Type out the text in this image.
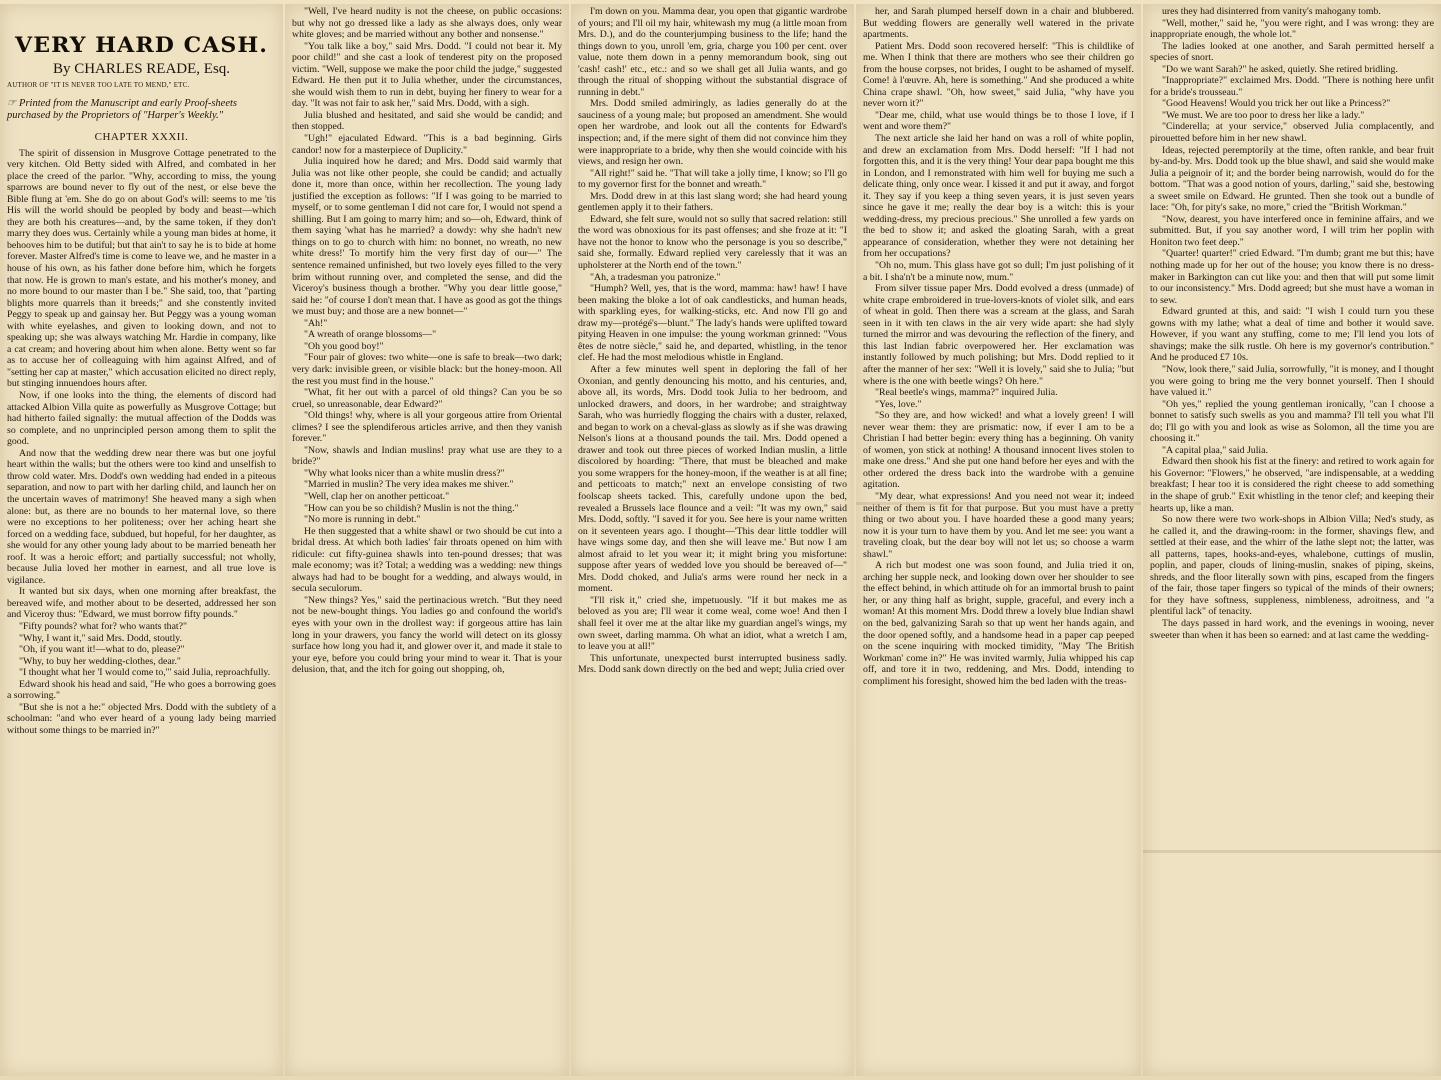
VERY HARD CASH.
By CHARLES READE, Esq.
AUTHOR OF "IT IS NEVER TOO LATE TO MEND," ETC.
☞ Printed from the Manuscript and early Proof-sheets purchased by the Proprietors of "Harper's Weekly."
CHAPTER XXXII.

The spirit of dissension in Musgrove Cottage penetrated to the very kitchen. Old Betty sided with Alfred, and combated in her place the creed of the parlor. "Why, according to miss, the young sparrows are bound never to fly out of the nest, or else beve the Bible flung at 'em. She do go on about God's will: seems to me 'tis His will the world should be peopled by body and beast—which they are both his creatures—and, by the same token, if they don't marry they does wus. Certainly while a young man bides at home, it behooves him to be dutiful; but that ain't to say he is to bide at home forever. Master Alfred's time is come to leave we, and he master in a house of his own, as his father done before him, which he forgets that now. He is grown to man's estate, and his mother's money, and no more bound to our master than I be." She said, too, that "parting blights more quarrels than it breeds;" and she constently invited Peggy to speak up and gainsay her. But Peggy was a young woman with white eyelashes, and given to looking down, and not to speaking up; she was always watching Mr. Hardie in company, like a cat cream; and hovering about him when alone. Betty went so far as to accuse her of colleaguing with him against Alfred, and of "setting her cap at master," which accusation elicited no direct reply, but stinging innuendoes hours after.

Now, if one looks into the thing, the elements of discord had attacked Albion Villa quite as powerfully as Musgrove Cottage; but had hitherto failed signally: the mutual affection of the Dodds was so complete, and no unprincipled person among them to split the good.

And now that the wedding drew near there was but one joyful heart within the walls; but the others were too kind and unselfish to throw cold water. Mrs. Dodd's own wedding had ended in a piteous separation, and now to part with her darling child, and launch her on the uncertain waves of matrimony! She heaved many a sigh when alone: but, as there are no bounds to her maternal love, so there were no exceptions to her politeness; over her aching heart she forced on a wedding face, subdued, but hopeful, for her daughter, as she would for any other young lady about to be married beneath her roof. It was a heroic effort; and partially successful; not wholly, because Julia loved her mother in earnest, and all true love is vigilance.

It wanted but six days, when one morning after breakfast, the bereaved wife, and mother about to be deserted, addressed her son and Viceroy thus: "Edward, we must borrow fifty pounds."

"Fifty pounds? what for? who wants that?"

"Why, I want it," said Mrs. Dodd, stoutly.

"Oh, if you want it!—what to do, please?"

"Why, to buy her wedding-clothes, dear."

"I thought what her 'I would come to,'" said Julia, reproachfully.

Edward shook his head and said, "He who goes a borrowing goes a sorrowing."

"But she is not a he:" objected Mrs. Dodd with the subtlety of a schoolman: "and who ever heard of a young lady being married without some things to be married in?"

"Well, I've heard nudity is not the cheese, on public occasions: but why not go dressed like a lady as she always does, only wear white gloves; and be married without any bother and nonsense."

"You talk like a boy," said Mrs. Dodd. "I could not bear it. My poor child!" and she cast a look of tenderest pity on the proposed victim. "Well, suppose we make the poor child the judge," suggested Edward. He then put it to Julia whether, under the circumstances, she would wish them to run in debt, buying her finery to wear for a day. "It was not fair to ask her," said Mrs. Dodd, with a sigh.

Julia blushed and hesitated, and said she would be candid; and then stopped.

"Ugh!" ejaculated Edward. "This is a bad beginning. Girls candor! now for a masterpiece of Duplicity."

Julia inquired how he dared; and Mrs. Dodd said warmly that Julia was not like other people, she could be candid; and actually done it, more than once, within her recollection. The young lady justified the exception as follows: "If I was going to be married to myself, or to some gentleman I did not care for, I would not spend a shilling. But I am going to marry him; and so—oh, Edward, think of them saying 'what has he married? a dowdy: why she hadn't new things on to go to church with him: no bonnet, no wreath, no new white dress!' To mortify him the very first day of our—" The sentence remained unfinished, but two lovely eyes filled to the very brim without running over, and completed the sense, and did the Viceroy's business though a brother. "Why you dear little goose," said he: "of course I don't mean that. I have as good as got the things we must buy; and those are a new bonnet—"

"Ah!"

"A wreath of orange blossoms—"

"Oh you good boy!"

"Four pair of gloves: two white—one is safe to break—two dark; very dark: invisible green, or visible black: but the honey-moon. All the rest you must find in the house."

"What, fit her out with a parcel of old things? Can you be so cruel, so unreasonable, dear Edward?"

"Old things! why, where is all your gorgeous attire from Oriental climes? I see the splendiferous articles arrive, and then they vanish forever."

"Now, shawls and Indian muslins! pray what use are they to a bride?"

"Why what looks nicer than a white muslin dress?"

"Married in muslin? The very idea makes me shiver."

"Well, clap her on another petticoat."

"How can you be so childish? Muslin is not the thing."

"No more is running in debt."

He then suggested that a white shawl or two should be cut into a bridal dress. At which both ladies' fair throats opened on him with ridicule: cut fifty-guinea shawls into ten-pound dresses; that was male economy; was it? Total; a wedding was a wedding: new things always had had to be bought for a wedding, and always would, in secula seculorum.

"New things? Yes," said the pertinacious wretch. "But they need not be new-bought things. You ladies go and confound the world's eyes with your own in the drollest way: if gorgeous attire has lain long in your drawers, you fancy the world will detect on its glossy surface how long you had it, and glower over it, and made it stale to your eye, before you could bring your mind to wear it. That is your delusion, that, and the itch for going out shopping, oh,

I'm down on you. Mamma dear, you open that gigantic wardrobe of yours; and I'll oil my hair, whitewash my mug (a little moan from Mrs. D.), and do the counterjumping business to the life; hand the things down to you, unroll 'em, gria, charge you 100 per cent. over value, note them down in a penny memorandum book, sing out 'cash! cash!' etc., etc.: and so we shall get all Julia wants, and go through the ritual of shopping without the substantial disgrace of running in debt."

Mrs. Dodd smiled admiringly, as ladies generally do at the sauciness of a young male; but proposed an amendment. She would open her wardrobe, and look out all the contents for Edward's inspection; and, if the mere sight of them did not convince him they were inappropriate to a bride, why then she would coincide with his views, and resign her own.

"All right!" said he. "That will take a jolly time, I know; so I'll go to my governor first for the bonnet and wreath."

Mrs. Dodd drew in at this last slang word; she had heard young gentlemen apply it to their fathers.

Edward, she felt sure, would not so sully that sacred relation: still the word was obnoxious for its past offenses; and she froze at it: "I have not the honor to know who the personage is you so describe," said she, formally. Edward replied very carelessly that it was an upholsterer at the North end of the town."

"Ah, a tradesman you patronize."

"Humph? Well, yes, that is the word, mamma: haw! haw! I have been making the bloke a lot of oak candlesticks, and human heads, with sparkling eyes, for walking-sticks, etc. And now I'll go and draw my—protégé's—blunt." The lady's hands were uplifted toward pitying Heaven in one impulse: the young workman grinned: "Vous êtes de notre siècle," said he, and departed, whistling, in the tenor clef. He had the most melodious whistle in England.

After a few minutes well spent in deploring the fall of her Oxonian, and gently denouncing his motto, and his centuries, and, above all, its words, Mrs. Dodd took Julia to her bedroom, and unlocked drawers, and doors, in her wardrobe; and straightway Sarah, who was hurriedly flogging the chairs with a duster, relaxed, and began to work on a cheval-glass as slowly as if she was drawing Nelson's lions at a thousand pounds the tail. Mrs. Dodd opened a drawer and took out three pieces of worked Indian muslin, a little discolored by hoarding: "There, that must be bleached and make you some wrappers for the honey-moon, if the weather is at all fine; and petticoats to match;" next an envelope consisting of two foolscap sheets tacked. This, carefully undone upon the bed, revealed a Brussels lace flounce and a veil: "It was my own," said Mrs. Dodd, softly. "I saved it for you. See here is your name written on it seventeen years ago. I thought—'This dear little toddler will have wings some day, and then she will leave me.' But now I am almost afraid to let you wear it; it might bring you misfortune: suppose after years of wedded love you should be bereaved of—" Mrs. Dodd choked, and Julia's arms were round her neck in a moment.

"I'll risk it," cried she, impetuously. "If it but makes me as beloved as you are; I'll wear it come weal, come woe! And then I shall feel it over me at the altar like my guardian angel's wings, my own sweet, darling mamma. Oh what an idiot, what a wretch I am, to leave you at all!"

This unfortunate, unexpected burst interrupted business sadly. Mrs. Dodd sank down directly on the bed and wept; Julia cried over

her, and Sarah plumped herself down in a chair and blubbered. But wedding flowers are generally well watered in the private apartments.

Patient Mrs. Dodd soon recovered herself: "This is childlike of me. When I think that there are mothers who see their children go from the house corpses, not brides, I ought to be ashamed of myself. Come! à l'œuvre. Ah, here is something." And she produced a white China crape shawl. "Oh, how sweet," said Julia, "why have you never worn it?"

"Dear me, child, what use would things be to those I love, if I went and wore them?"

The next article she laid her hand on was a roll of white poplin, and drew an exclamation from Mrs. Dodd herself: "If I had not forgotten this, and it is the very thing! Your dear papa bought me this in London, and I remonstrated with him well for buying me such a delicate thing, only once wear. I kissed it and put it away, and forgot it. They say if you keep a thing seven years, it is just seven years since he gave it me; really the dear boy is a witch: this is your wedding-dress, my precious precious." She unrolled a few yards on the bed to show it; and asked the gloating Sarah, with a great appearance of consideration, whether they were not detaining her from her occupations?

"Oh no, mum. This glass have got so dull; I'm just polishing of it a bit. I sha'n't be a minute now, mum."

From silver tissue paper Mrs. Dodd evolved a dress (unmade) of white crape embroidered in true-lovers-knots of violet silk, and ears of wheat in gold. Then there was a scream at the glass, and Sarah seen in it with ten claws in the air very wide apart: she had slyly turned the mirror and was devouring the reflection of the finery, and this last Indian fabric overpowered her. Her exclamation was instantly followed by much polishing; but Mrs. Dodd replied to it after the manner of her sex: "Well it is lovely," said she to Julia; "but where is the one with beetle wings? Oh here."

"Real beetle's wings, mamma?" inquired Julia.

"Yes, love."

"So they are, and how wicked! and what a lovely green! I will never wear them: they are prismatic: now, if ever I am to be a Christian I had better begin: every thing has a beginning. Oh vanity of women, yon stick at nothing! A thousand innocent lives stolen to make one dress." And she put one hand before her eyes and with the other ordered the dress back into the wardrobe with a genuine agitation.

"My dear, what expressions! And you need not wear it; indeed neither of them is fit for that purpose. But you must have a pretty thing or two about you. I have hoarded these a good many years; now it is your turn to have them by you. And let me see: you want a traveling cloak, but the dear boy will not let us; so choose a warm shawl."

A rich but modest one was soon found, and Julia tried it on, arching her supple neck, and looking down over her shoulder to see the effect behind, in which attitude oh for an immortal brush to paint her, or any thing half as bright, supple, graceful, and every inch a woman! At this moment Mrs. Dodd threw a lovely blue Indian shawl on the bed, galvanizing Sarah so that up went her hands again, and the door opened softly, and a handsome head in a paper cap peeped on the scene inquiring with mocked timidity, "May 'The British Workman' come in?" He was invited warmly, Julia whipped his cap off, and tore it in two, reddening, and Mrs. Dodd, intending to compliment his foresight, showed him the bed laden with the treas-

ures they had disinterred from vanity's mahogany tomb.

"Well, mother," said he, "you were right, and I was wrong: they are inappropriate enough, the whole lot."

The ladies looked at one another, and Sarah permitted herself a species of snort.

"Do we want Sarah?" he asked, quietly. She retired bridling.

"Inappropriate?" exclaimed Mrs. Dodd. "There is nothing here unfit for a bride's trousseau."

"Good Heavens! Would you trick her out like a Princess?"

"We must. We are too poor to dress her like a lady."

"Cinderella; at your service," observed Julia complacently, and pirouetted before him in her new shawl.

Ideas, rejected peremptorily at the time, often rankle, and bear fruit by-and-by. Mrs. Dodd took up the blue shawl, and said she would make Julia a peignoir of it; and the border being narrowish, would do for the bottom. "That was a good notion of yours, darling," said she, bestowing a sweet smile on Edward. He grunted. Then she took out a bundle of lace: "Oh, for pity's sake, no more," cried the "British Workman."

"Now, dearest, you have interfered once in feminine affairs, and we submitted. But, if you say another word, I will trim her poplin with Honiton two feet deep."

"Quarter! quarter!" cried Edward. "I'm dumb; grant me but this; have nothing made up for her out of the house; you know there is no dress-maker in Barkington can cut like you: and then that will put some limit to our inconsistency." Mrs. Dodd agreed; but she must have a woman in to sew.

Edward grunted at this, and said: "I wish I could turn you these gowns with my lathe; what a deal of time and bother it would save. However, if you want any stuffing, come to me; I'll lend you lots of shavings; make the silk rustle. Oh here is my governor's contribution." And he produced £7 10s.

"Now, look there," said Julia, sorrowfully, "it is money, and I thought you were going to bring me the very bonnet yourself. Then I should have valued it."

"Oh yes," replied the young gentleman ironically, "can I choose a bonnet to satisfy such swells as you and mamma? I'll tell you what I'll do; I'll go with you and look as wise as Solomon, all the time you are choosing it."

"A capital plaa," said Julia.

Edward then shook his fist at the finery: and retired to work again for his Governor: "Flowers," he observed, "are indispensable, at a wedding breakfast; I hear too it is considered the right cheese to add something in the shape of grub." Exit whistling in the tenor clef; and keeping their hearts up, like a man.

So now there were two work-shops in Albion Villa; Ned's study, as he called it, and the drawing-room: in the former, shavings flew, and settled at their ease, and the whirr of the lathe slept not; the latter, was all patterns, tapes, hooks-and-eyes, whalebone, cuttings of muslin, poplin, and paper, clouds of lining-muslin, snakes of piping, skeins, shreds, and the floor literally sown with pins, escaped from the fingers of the fair, those taper fingers so typical of the minds of their owners; for they have softness, suppleness, nimbleness, adroitness, and "a plentiful lack" of tenacity.

The days passed in hard work, and the evenings in wooing, never sweeter than when it has been so earned: and at last came the wedding-
